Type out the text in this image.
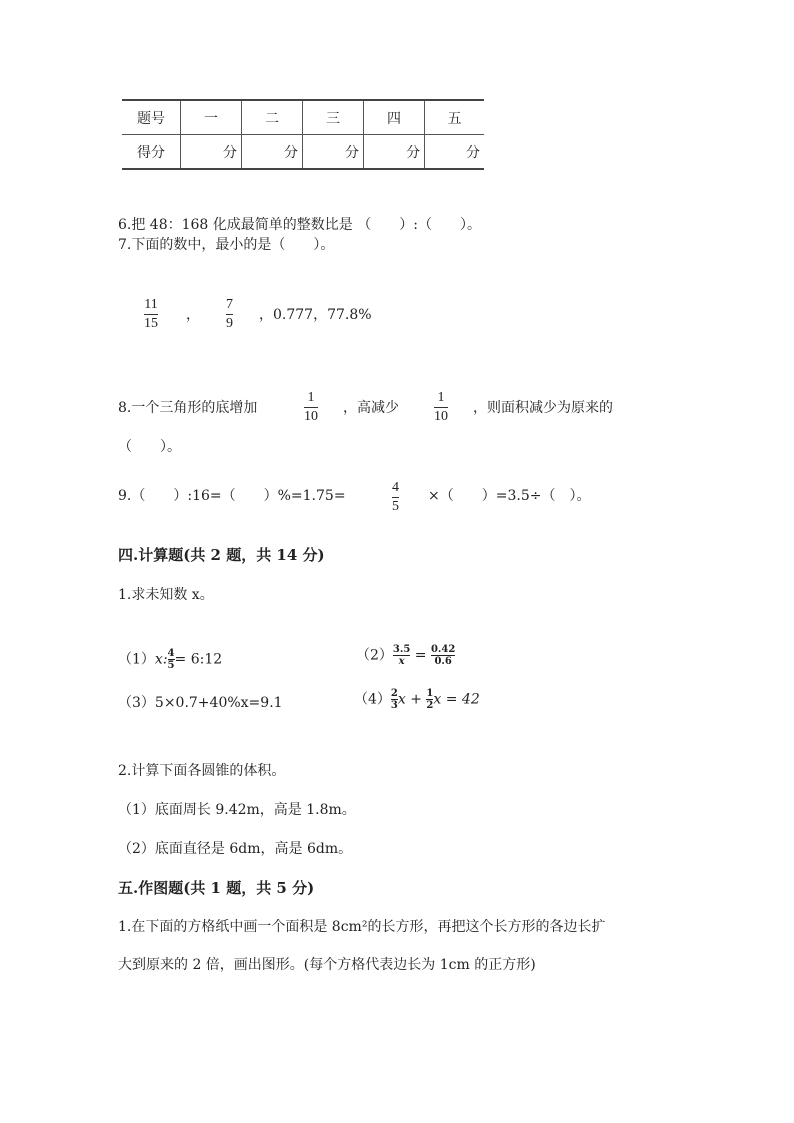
题号	一	二	三	四	五
得分	分	分	分	分	分
6.把 48：168 化成最简单的整数比是 （　　）:（　　）。
7.下面的数中，最小的是（　　）。
11
15
，
7
9
，0.777，77.8%
8.一个三角形的底增加
1
10
，高减少
1
10
，则面积减少为原来的
（　　）。
9.（　　）:16=（　　）%=1.75=
4
5
×（　　）=3.5÷（　）。
四.计算题(共 2 题，共 14 分)
1.求未知数 x。
（1）x: $\frac{4}{5}$ = 6:12	$(2) \frac{3.5}{x} = \frac{0.42}{0.6}$
（3）5×0.7+40%x=9.1	$(4) \frac{2}{3}$ $x + \frac{1}{2}$ x = 42
2.计算下面各圆锥的体积。
（1）底面周长 9.42m，高是 1.8m。
（2）底面直径是 6dm，高是 6dm。
五.作图题(共 1 题，共 5 分)
1.在下面的方格纸中画一个面积是 8cm²的长方形，再把这个长方形的各边长扩
大到原来的 2 倍，画出图形。(每个方格代表边长为 1cm 的正方形)
